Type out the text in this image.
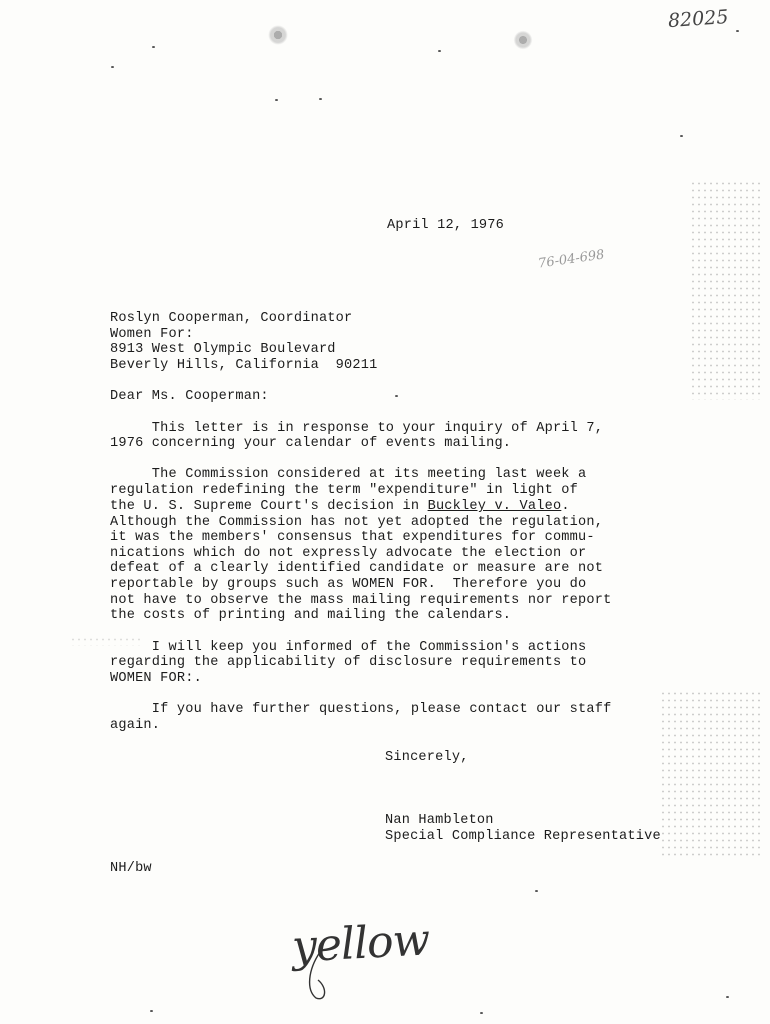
82025
April 12, 1976
76-04-698
Roslyn Cooperman, Coordinator
Women For:
8913 West Olympic Boulevard
Beverly Hills, California  90211
Dear Ms. Cooperman:
This letter is in response to your inquiry of April 7,
1976 concerning your calendar of events mailing.
The Commission considered at its meeting last week a
regulation redefining the term "expenditure" in light of
the U. S. Supreme Court's decision in Buckley v. Valeo.
Although the Commission has not yet adopted the regulation,
it was the members' consensus that expenditures for commu-
nications which do not expressly advocate the election or
defeat of a clearly identified candidate or measure are not
reportable by groups such as WOMEN FOR.  Therefore you do
not have to observe the mass mailing requirements nor report
the costs of printing and mailing the calendars.
I will keep you informed of the Commission's actions
regarding the applicability of disclosure requirements to
WOMEN FOR:.
If you have further questions, please contact our staff
again.
Sincerely,
Nan Hambleton
Special Compliance Representative
NH/bw
yellow
